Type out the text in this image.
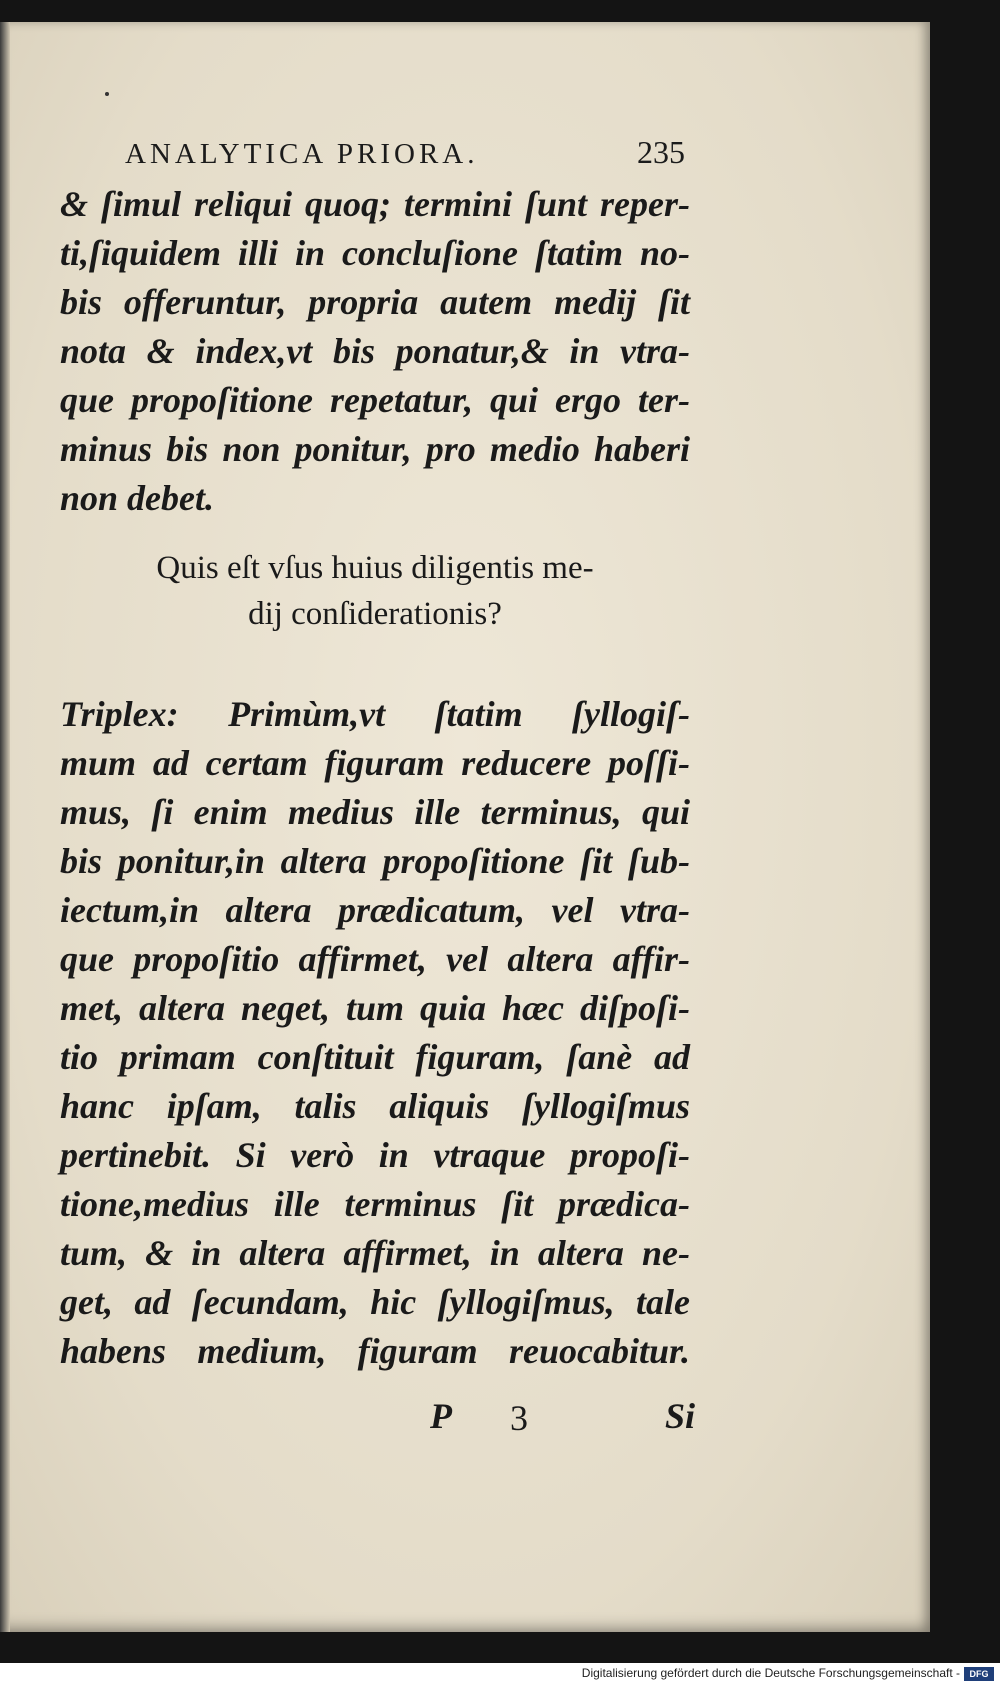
ANALYTICA PRIORA.	235
& ſimul reliqui quoq; termini ſunt reper-
ti,ſiquidem illi in concluſione ſtatim no-
bis offeruntur, propria autem medij ſit
nota & index,vt bis ponatur,& in vtra-
que propoſitione repetatur, qui ergo ter-
minus bis non ponitur, pro medio haberi
non debet.
Quis eſt vſus huius diligentis me-
dij conſiderationis?
Triplex: Primùm,vt ſtatim ſyllogiſ-
mum ad certam figuram reducere poſſi-
mus, ſi enim medius ille terminus, qui
bis ponitur,in altera propoſitione ſit ſub-
iectum,in altera prædicatum, vel vtra-
que propoſitio affirmet, vel altera affir-
met, altera neget, tum quia hæc diſpoſi-
tio primam conſtituit figuram, ſanè ad
hanc ipſam, talis aliquis ſyllogiſmus
pertinebit. Si verò in vtraque propoſi-
tione,medius ille terminus ſit prædica-
tum, & in altera affirmet, in altera ne-
get, ad ſecundam, hic ſyllogiſmus, tale
habens medium, figuram reuocabitur.
P 3	Si
Digitalisierung gefördert durch die Deutsche Forschungsgemeinschaft -	DFG
